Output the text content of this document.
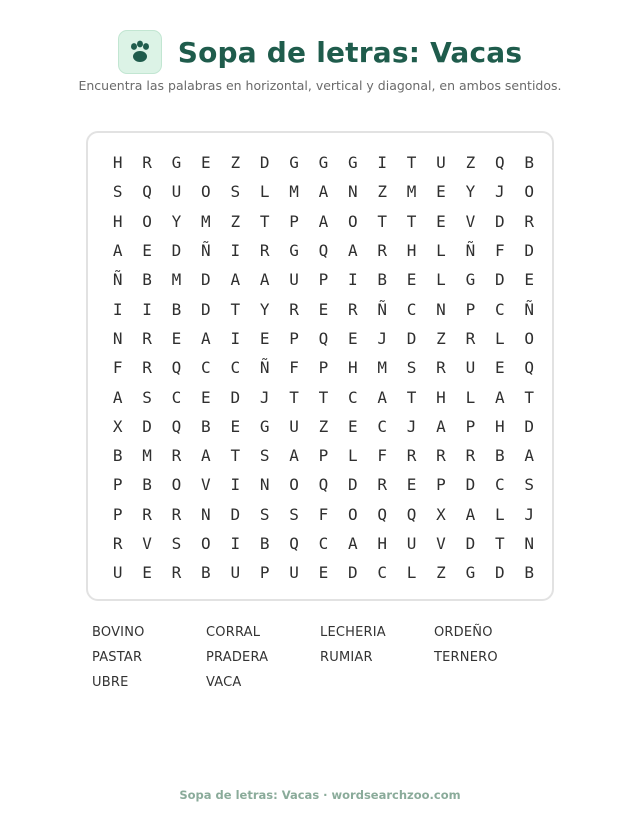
Sopa de letras: Vacas
Encuentra las palabras en horizontal, vertical y diagonal, en ambos sentidos.
H	R	G	E	Z	D	G	G	G	I	T	U	Z	Q	B
S	Q	U	O	S	L	M	A	N	Z	M	E	Y	J	O
H	O	Y	M	Z	T	P	A	O	T	T	E	V	D	R
A	E	D	Ñ	I	R	G	Q	A	R	H	L	Ñ	F	D
Ñ	B	M	D	A	A	U	P	I	B	E	L	G	D	E
I	I	B	D	T	Y	R	E	R	Ñ	C	N	P	C	Ñ
N	R	E	A	I	E	P	Q	E	J	D	Z	R	L	O
F	R	Q	C	C	Ñ	F	P	H	M	S	R	U	E	Q
A	S	C	E	D	J	T	T	C	A	T	H	L	A	T
X	D	Q	B	E	G	U	Z	E	C	J	A	P	H	D
B	M	R	A	T	S	A	P	L	F	R	R	R	B	A
P	B	O	V	I	N	O	Q	D	R	E	P	D	C	S
P	R	R	N	D	S	S	F	O	Q	Q	X	A	L	J
R	V	S	O	I	B	Q	C	A	H	U	V	D	T	N
U	E	R	B	U	P	U	E	D	C	L	Z	G	D	B
BOVINO	CORRAL	LECHERIA	ORDEÑO
PASTAR	PRADERA	RUMIAR	TERNERO
UBRE	VACA
Sopa de letras: Vacas · wordsearchzoo.com
